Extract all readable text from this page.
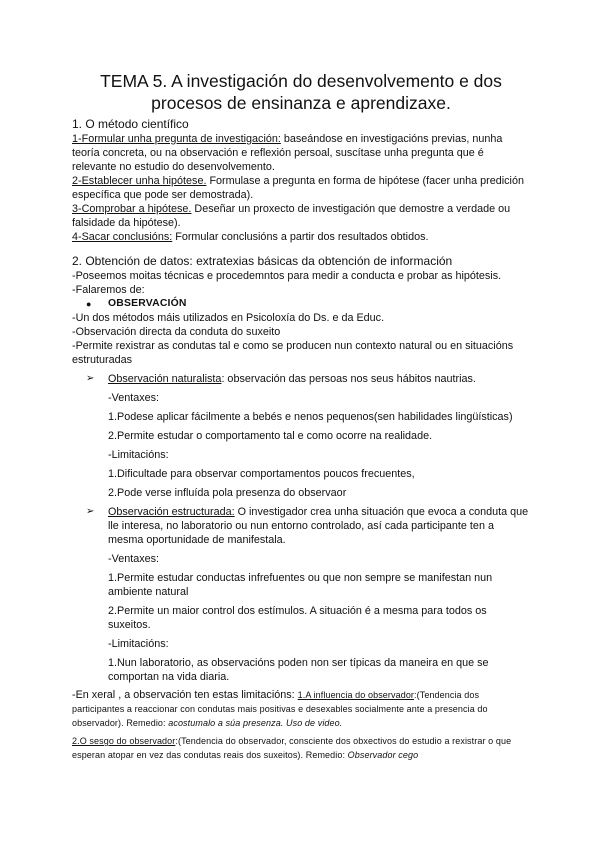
TEMA 5. A investigación do desenvolvemento e dos procesos de ensinanza e aprendizaxe.
1. O método científico

1-Formular unha pregunta de investigación: baseándose en investigacións previas, nunha teoría concreta, ou na observación e reflexión persoal, suscítase unha pregunta que é relevante no estudio do desenvolvemento.

2-Establecer unha hipótese. Formulase a pregunta en forma de hipótese (facer unha predición específica que pode ser demostrada).

3-Comprobar a hipótese. Deseñar un proxecto de investigación que demostre a verdade ou falsidade da hipótese).

4-Sacar conclusións: Formular conclusións a partir dos resultados obtidos.

2. Obtención de datos: extratexias básicas da obtención de información

-Poseemos moitas técnicas e procedemntos para medir a conducta e probar as hipótesis.

-Falaremos de:

● OBSERVACIÓN

-Un dos métodos máis utilizados en Psicoloxía do Ds. e da Educ.

-Observación directa da conduta do suxeito

-Permite rexistrar as condutas tal e como se producen nun contexto natural ou en situacións estruturadas

➢ Observación naturalista: observación das persoas nos seus hábitos nautrias.
-Ventaxes:
1.Podese aplicar fácilmente a bebés e nenos pequenos(sen habilidades lingüísticas)
2.Permite estudar o comportamento tal e como ocorre na realidade.
-Limitacións:
1.Dificultade para observar comportamentos poucos frecuentes,
2.Pode verse influída pola presenza do observaor
➢ Observación estructurada: O investigador crea unha situación que evoca a conduta que lle interesa, no laboratorio ou nun entorno controlado, así cada participante ten a mesma oportunidade de manifestala.
-Ventaxes:
1.Permite estudar conductas infrefuentes ou que non sempre se manifestan nun ambiente natural
2.Permite un maior control dos estímulos. A situación é a mesma para todos os suxeitos.
-Limitacións:
1.Nun laboratorio, as observacións poden non ser típicas da maneira en que se comportan na vida diaria.

-En xeral , a observación ten estas limitacións: 1.A influencia do observador:(Tendencia dos participantes a reaccionar con condutas mais positivas e desexables socialmente ante a presencia do observador). Remedio: acostumalo a súa presenza. Uso de video.

2.O sesgo do observador:(Tendencia do observador, consciente dos obxectivos do estudio a rexistrar o que esperan atopar en vez das condutas reais dos suxeitos). Remedio: Observador cego
